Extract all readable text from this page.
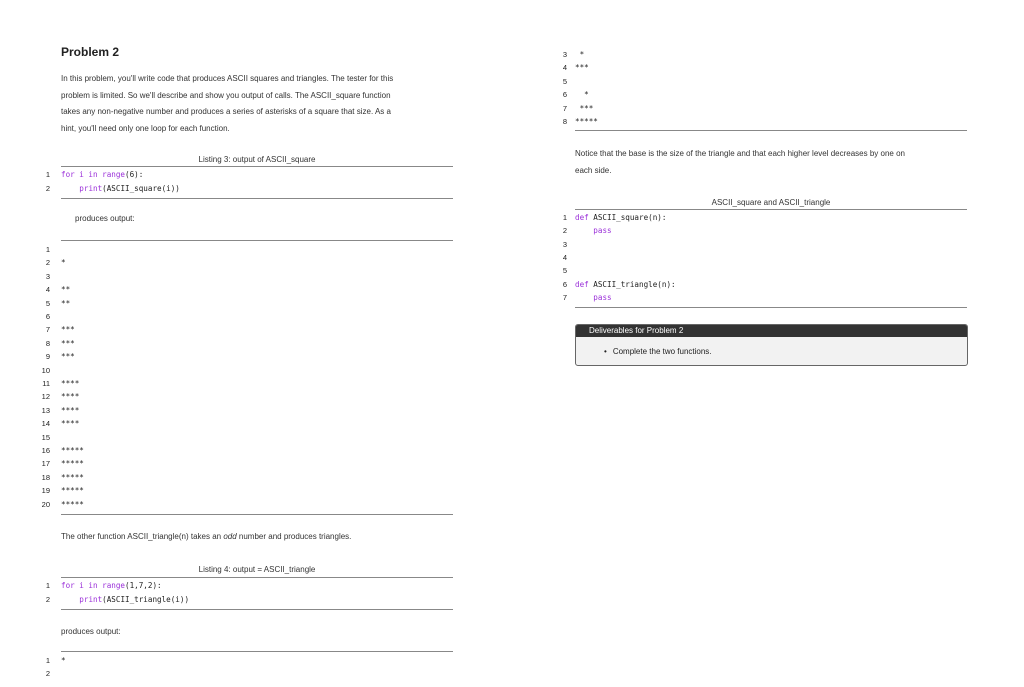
Problem 2
In this problem, you'll write code that produces ASCII squares and triangles. The tester for this
problem is limited. So we'll describe and show you output of calls. The ASCII_square function
takes any non-negative number and produces a series of asterisks of a square that size. As a
hint, you'll need only one loop for each function.
Listing 3: output of ASCII_square
1 for i in range(6):
2	print(ASCII_square(i))
produces output:
1
2 *
3
4 **
5 **
6
7 ***
8 ***
9 ***
10
11 ****
12 ****
13 ****
14 ****
15
16 *****
17 *****
18 *****
19 *****
20 *****
The other function ASCII_triangle(n) takes an odd number and produces triangles.
Listing 4: output = ASCII_triangle
1 for i in range(1,7,2):
2	print(ASCII_triangle(i))
produces output:
1 *
2
3 *
4 ***
5
6 *
7 ***
8 *****
Notice that the base is the size of the triangle and that each higher level decreases by one on
each side.
ASCII_square and ASCII_triangle
1 def ASCII_square(n):
2	pass
3
4
5
6 def ASCII_triangle(n):
7	pass
Deliverables for Problem 2
• Complete the two functions.
